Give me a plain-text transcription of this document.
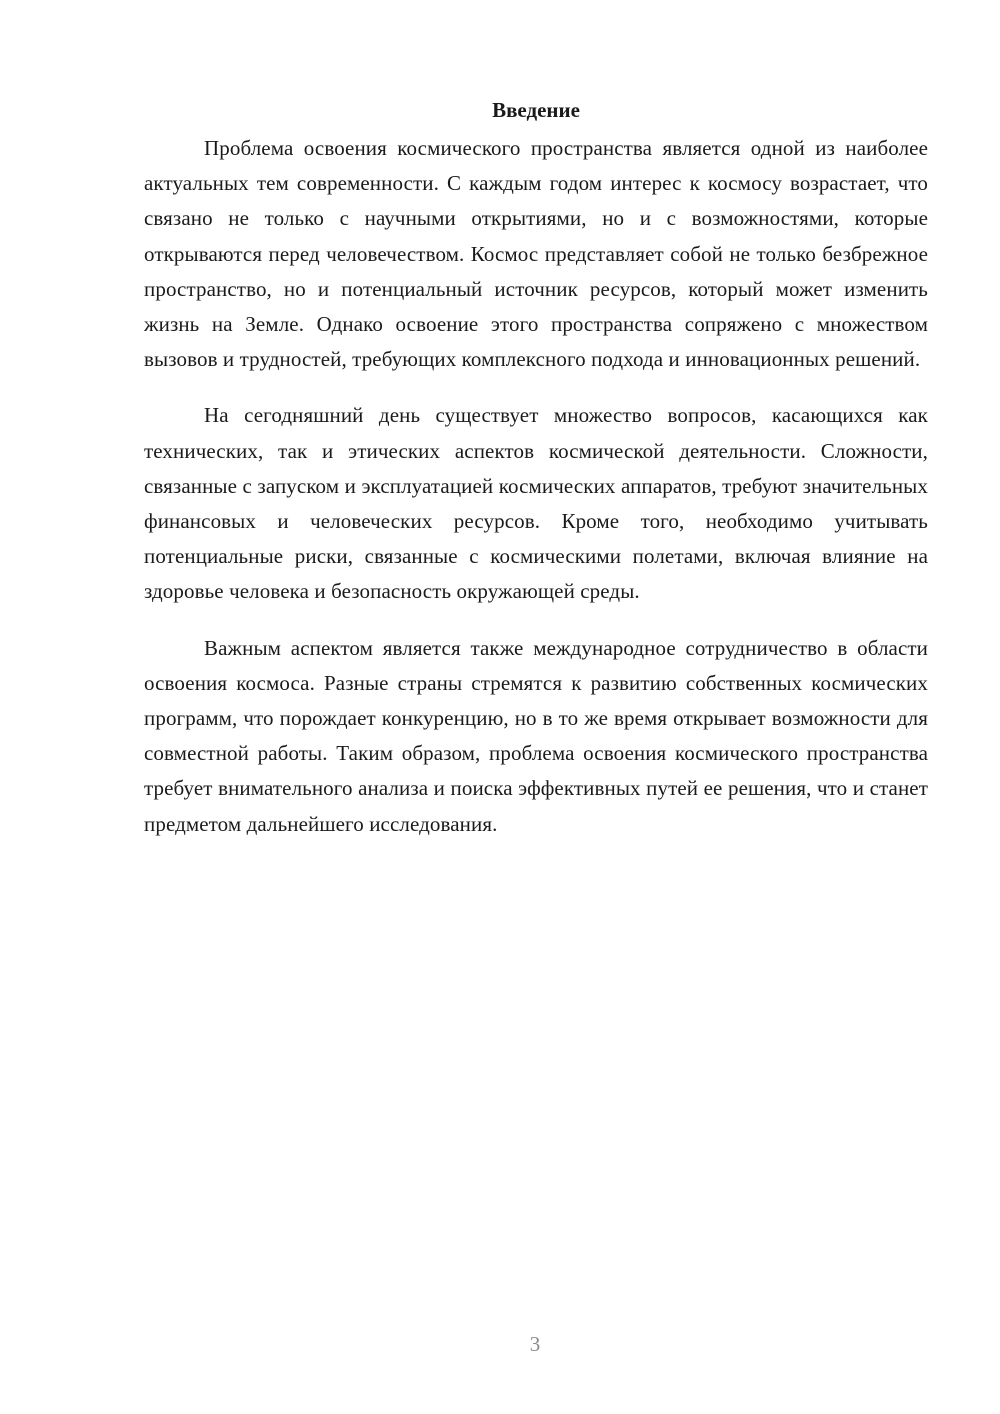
Введение

Проблема освоения космического пространства является одной из наиболее актуальных тем современности. С каждым годом интерес к космосу возрастает, что связано не только с научными открытиями, но и с возможностями, которые открываются перед человечеством. Космос представляет собой не только безбрежное пространство, но и потенциальный источник ресурсов, который может изменить жизнь на Земле. Однако освоение этого пространства сопряжено с множеством вызовов и трудностей, требующих комплексного подхода и инновационных решений.

На сегодняшний день существует множество вопросов, касающихся как технических, так и этических аспектов космической деятельности. Сложности, связанные с запуском и эксплуатацией космических аппаратов, требуют значительных финансовых и человеческих ресурсов. Кроме того, необходимо учитывать потенциальные риски, связанные с космическими полетами, включая влияние на здоровье человека и безопасность окружающей среды.

Важным аспектом является также международное сотрудничество в области освоения космоса. Разные страны стремятся к развитию собственных космических программ, что порождает конкуренцию, но в то же время открывает возможности для совместной работы. Таким образом, проблема освоения космического пространства требует внимательного анализа и поиска эффективных путей ее решения, что и станет предметом дальнейшего исследования.

3
